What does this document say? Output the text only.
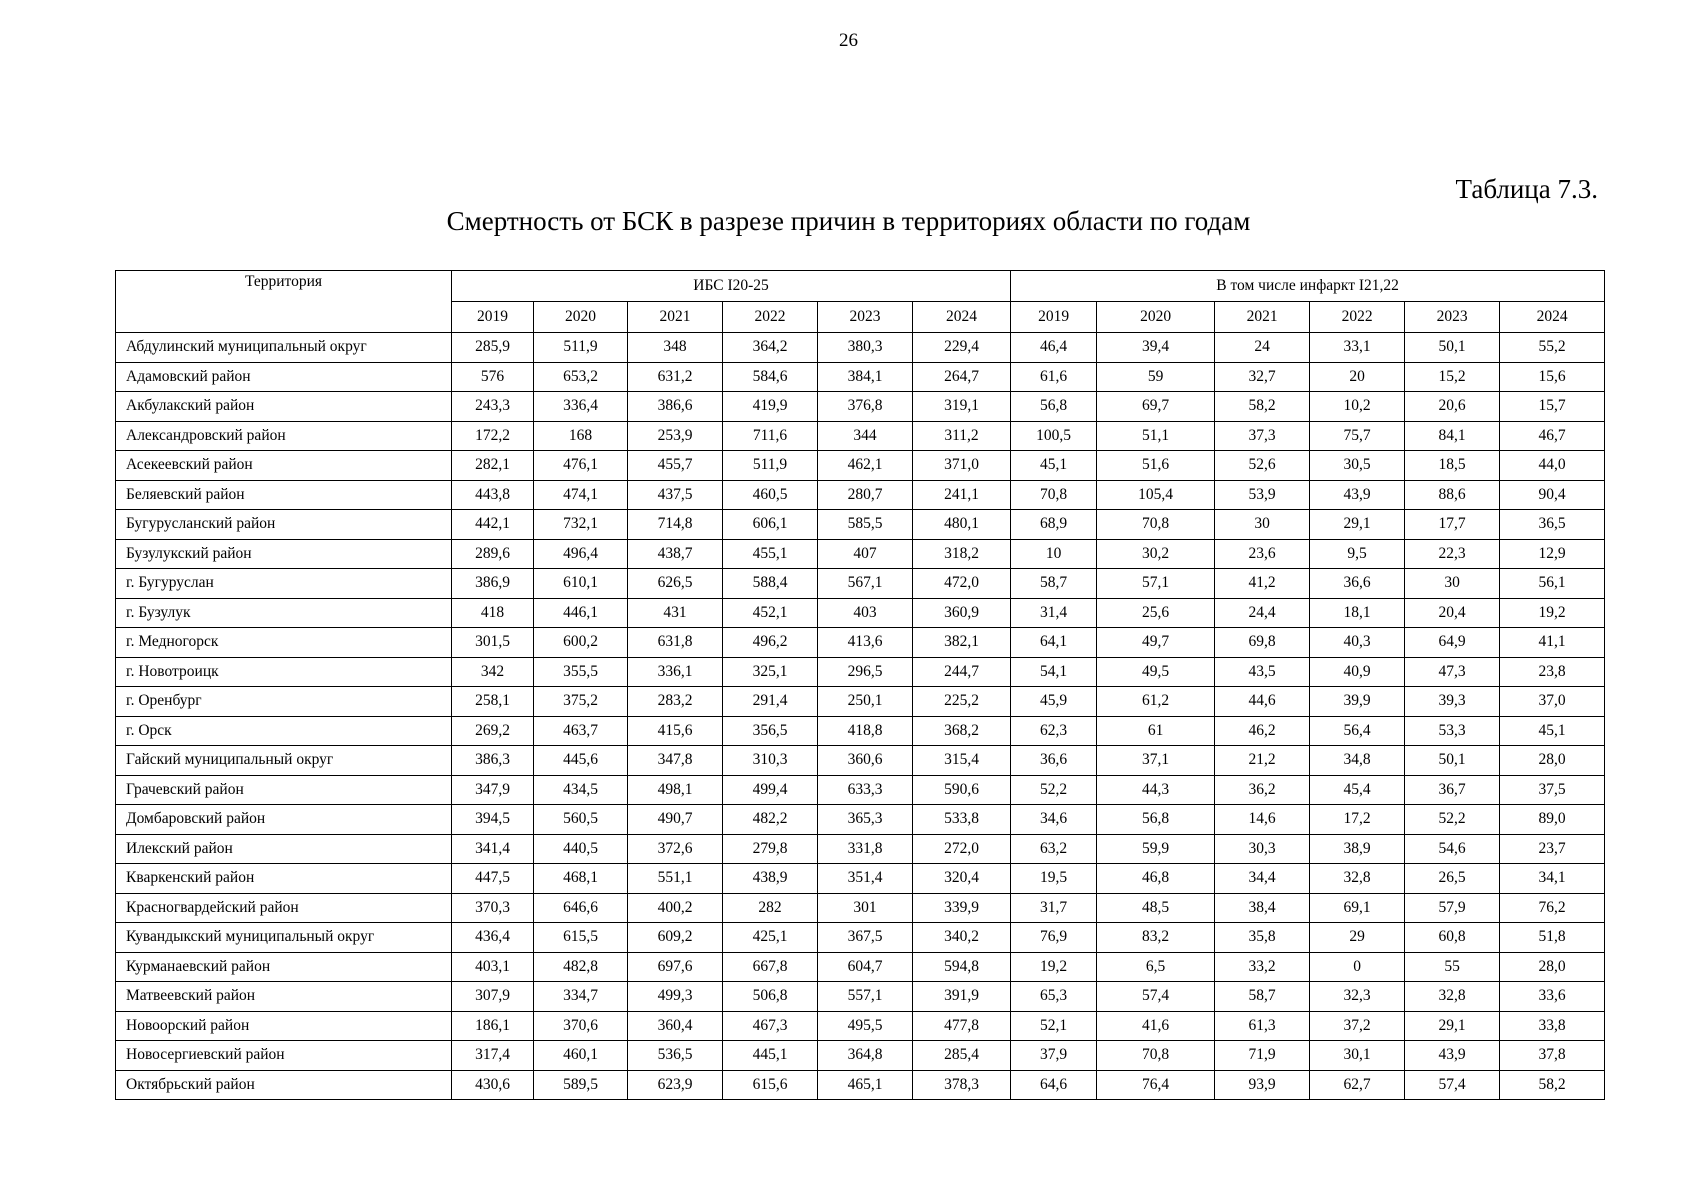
26
Таблица 7.3.
Смертность от БСК в разрезе причин в территориях области по годам
Территория	ИБС I20-25						В том числе инфаркт I21,22					
	2019	2020	2021	2022	2023	2024	2019	2020	2021	2022	2023	2024
Абдулинский муниципальный округ	285,9	511,9	348	364,2	380,3	229,4	46,4	39,4	24	33,1	50,1	55,2
Адамовский район	576	653,2	631,2	584,6	384,1	264,7	61,6	59	32,7	20	15,2	15,6
Акбулакский район	243,3	336,4	386,6	419,9	376,8	319,1	56,8	69,7	58,2	10,2	20,6	15,7
Александровский район	172,2	168	253,9	711,6	344	311,2	100,5	51,1	37,3	75,7	84,1	46,7
Асекеевский район	282,1	476,1	455,7	511,9	462,1	371,0	45,1	51,6	52,6	30,5	18,5	44,0
Беляевский район	443,8	474,1	437,5	460,5	280,7	241,1	70,8	105,4	53,9	43,9	88,6	90,4
Бугурусланский район	442,1	732,1	714,8	606,1	585,5	480,1	68,9	70,8	30	29,1	17,7	36,5
Бузулукский район	289,6	496,4	438,7	455,1	407	318,2	10	30,2	23,6	9,5	22,3	12,9
г. Бугуруслан	386,9	610,1	626,5	588,4	567,1	472,0	58,7	57,1	41,2	36,6	30	56,1
г. Бузулук	418	446,1	431	452,1	403	360,9	31,4	25,6	24,4	18,1	20,4	19,2
г. Медногорск	301,5	600,2	631,8	496,2	413,6	382,1	64,1	49,7	69,8	40,3	64,9	41,1
г. Новотроицк	342	355,5	336,1	325,1	296,5	244,7	54,1	49,5	43,5	40,9	47,3	23,8
г. Оренбург	258,1	375,2	283,2	291,4	250,1	225,2	45,9	61,2	44,6	39,9	39,3	37,0
г. Орск	269,2	463,7	415,6	356,5	418,8	368,2	62,3	61	46,2	56,4	53,3	45,1
Гайский муниципальный округ	386,3	445,6	347,8	310,3	360,6	315,4	36,6	37,1	21,2	34,8	50,1	28,0
Грачевский район	347,9	434,5	498,1	499,4	633,3	590,6	52,2	44,3	36,2	45,4	36,7	37,5
Домбаровский район	394,5	560,5	490,7	482,2	365,3	533,8	34,6	56,8	14,6	17,2	52,2	89,0
Илекский район	341,4	440,5	372,6	279,8	331,8	272,0	63,2	59,9	30,3	38,9	54,6	23,7
Кваркенский район	447,5	468,1	551,1	438,9	351,4	320,4	19,5	46,8	34,4	32,8	26,5	34,1
Красногвардейский район	370,3	646,6	400,2	282	301	339,9	31,7	48,5	38,4	69,1	57,9	76,2
Кувандыкский муниципальный округ	436,4	615,5	609,2	425,1	367,5	340,2	76,9	83,2	35,8	29	60,8	51,8
Курманаевский район	403,1	482,8	697,6	667,8	604,7	594,8	19,2	6,5	33,2	0	55	28,0
Матвеевский район	307,9	334,7	499,3	506,8	557,1	391,9	65,3	57,4	58,7	32,3	32,8	33,6
Новоорский район	186,1	370,6	360,4	467,3	495,5	477,8	52,1	41,6	61,3	37,2	29,1	33,8
Новосергиевский район	317,4	460,1	536,5	445,1	364,8	285,4	37,9	70,8	71,9	30,1	43,9	37,8
Октябрьский район	430,6	589,5	623,9	615,6	465,1	378,3	64,6	76,4	93,9	62,7	57,4	58,2
